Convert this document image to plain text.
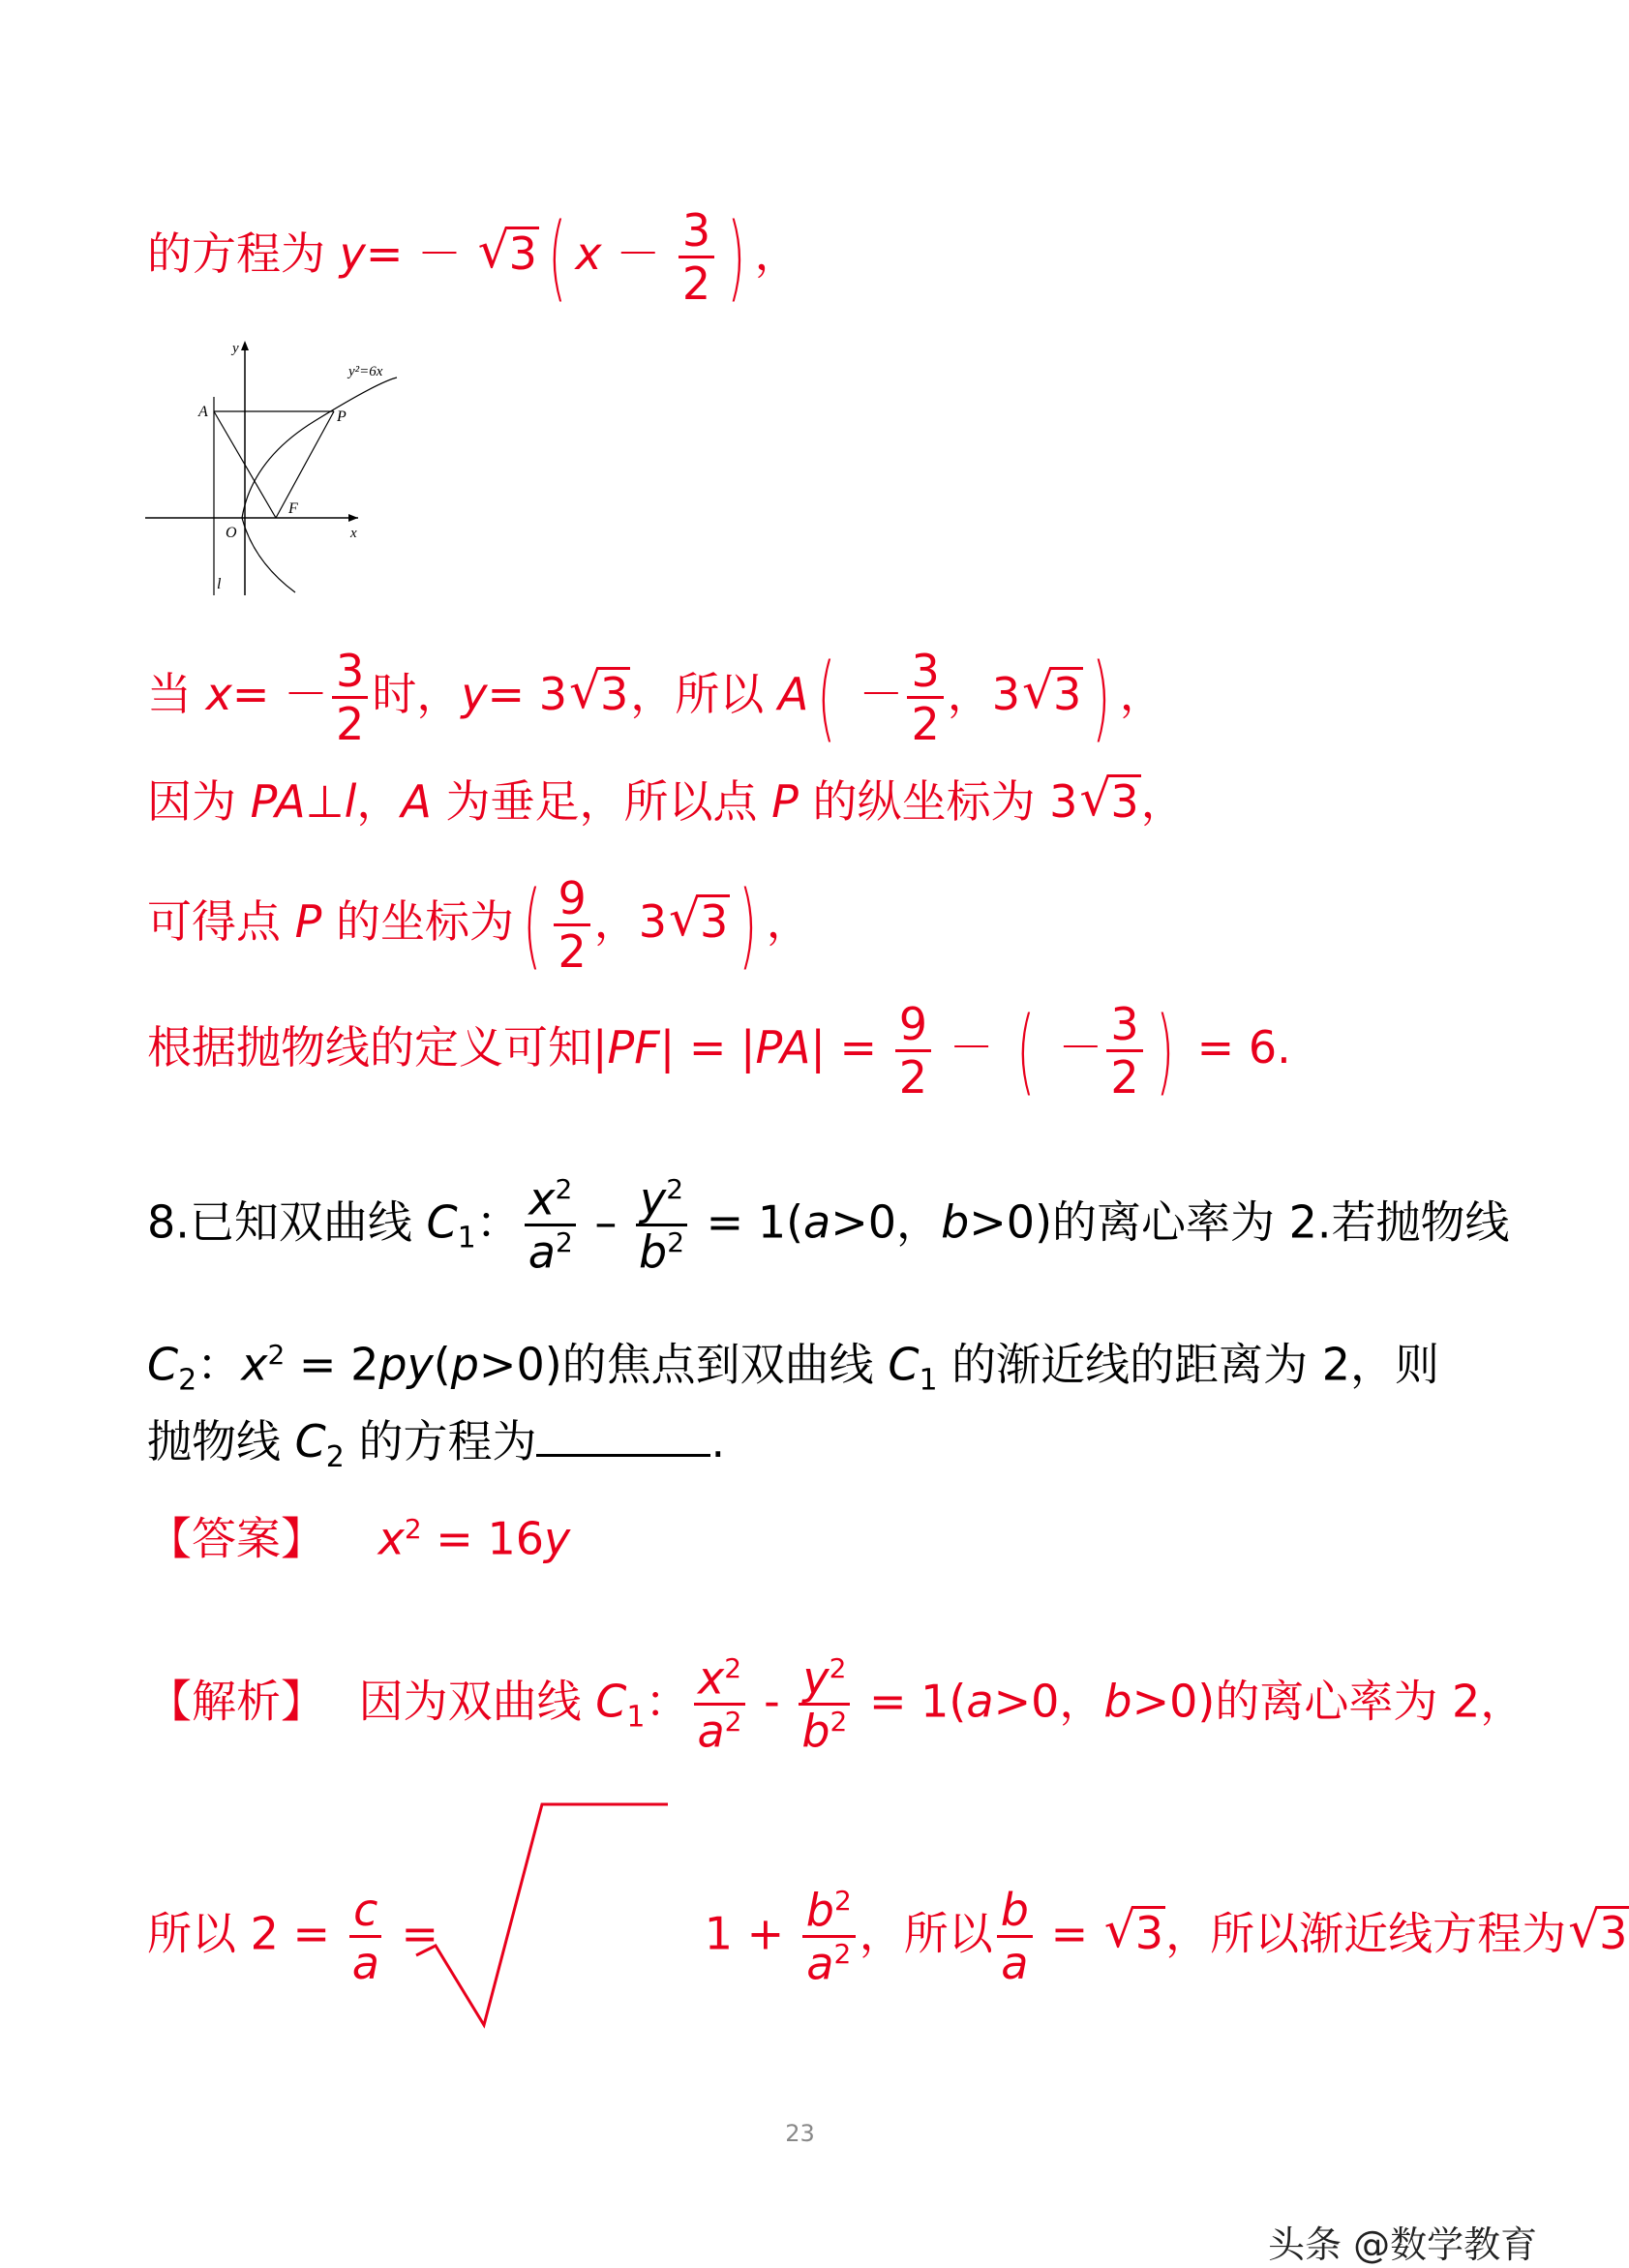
的方程为 y= － √ 3 ( $x - \frac{3}{2}$ ) ，
y²=6x
y
x
A	P
O
F
l
当 $x= - \frac{3}{2}$ 时，y= 3 √ 3，所以 $A( - \frac{3}{2}$ ，3 √ 3 ) ，
因为 PA⊥l，A 为垂足，所以点 P 的纵坐标为 3 √ 3，
可得点 P 的坐标为( $\frac{9}{2}$ ，3 √ 3 ) ，
根据抛物线的定义可知$|PF| = |PA| = \frac{9}{2}$ － ( － $\frac{3}{2}$ ) = 6.
8.已知双曲线 $C_1$： $\frac{x^2}{a^2} - \frac{y^2}{b^2} = 1(a>0$，b>0)的离心率为 2.若抛物线
$C_2$：$x^2 = 2py(p>0)$的焦点到双曲线 $C_1$ 的渐近线的距离为 2，则
抛物线 $C_2$ 的方程为	.
【答案】 $x^2 = 16y$
【解析】 因为双曲线 $C_1$： $\frac{x^2}{a^2} - \frac{y^2}{b^2} = 1(a>0$，b>0)的离心率为 2，
所以 $2 = \frac{c}{a}$ =	$1 + \frac{b^2}{a^2}$ ，所以 $\frac{b}{a}$ = √ 3，所以渐近线方程为 √ 3
23
头条 @数学教育
